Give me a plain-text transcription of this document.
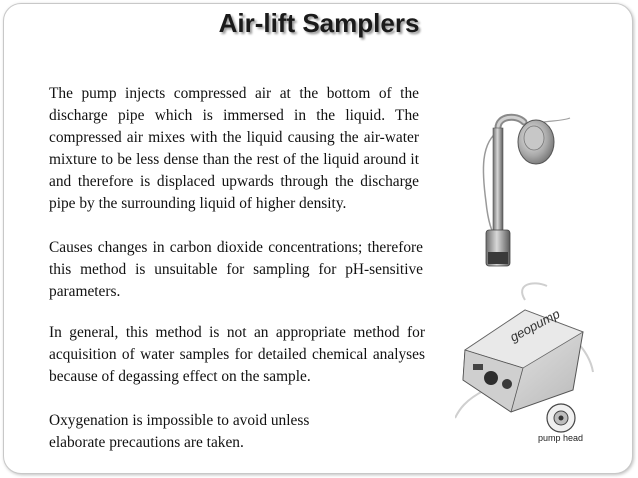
Air-lift Samplers

The pump injects compressed air at the bottom of the discharge pipe which is immersed in the liquid. The compressed air mixes with the liquid causing the air-water mixture to be less dense than the rest of the liquid around it and therefore is displaced upwards through the discharge pipe by the surrounding liquid of higher density.

Causes changes in carbon dioxide concentrations; therefore this method is unsuitable for sampling for pH-sensitive parameters.

In general, this method is not an appropriate method for acquisition of water samples for detailed chemical analyses because of degassing effect on the sample.

Oxygenation is impossible to avoid unless elaborate precautions are taken.

geopump
pump head
